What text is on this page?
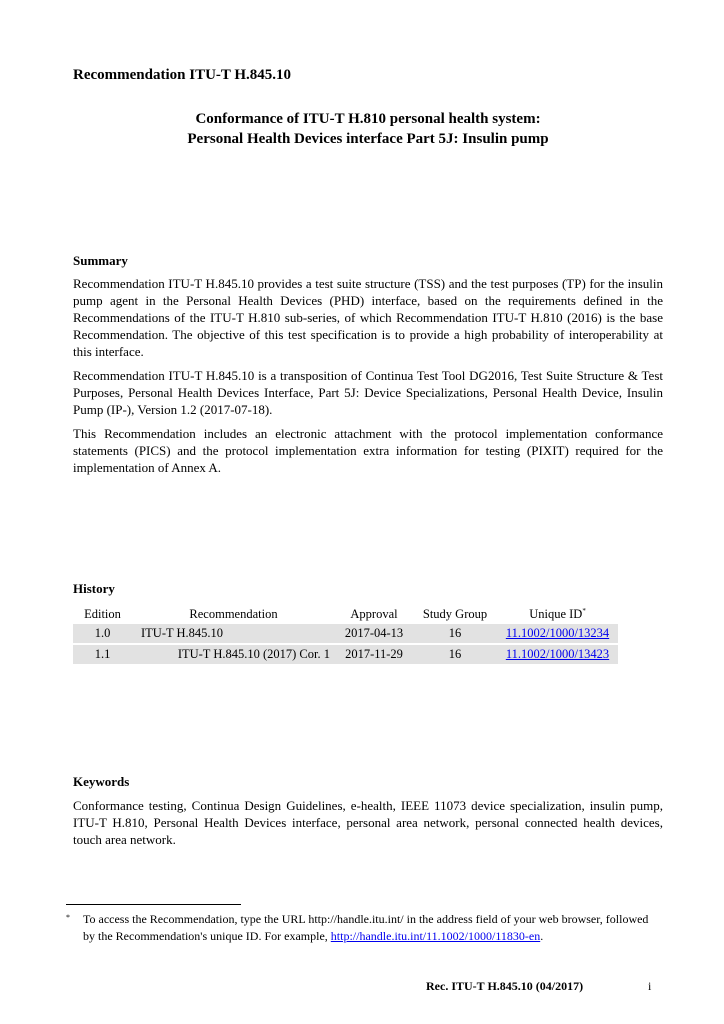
Recommendation ITU-T H.845.10
Conformance of ITU-T H.810 personal health system:
Personal Health Devices interface Part 5J: Insulin pump
Summary

Recommendation ITU-T H.845.10 provides a test suite structure (TSS) and the test purposes (TP) for the insulin pump agent in the Personal Health Devices (PHD) interface, based on the requirements defined in the Recommendations of the ITU-T H.810 sub-series, of which Recommendation ITU-T H.810 (2016) is the base Recommendation. The objective of this test specification is to provide a high probability of interoperability at this interface.

Recommendation ITU-T H.845.10 is a transposition of Continua Test Tool DG2016, Test Suite Structure & Test Purposes, Personal Health Devices Interface, Part 5J: Device Specializations, Personal Health Device, Insulin Pump (IP-), Version 1.2 (2017-07-18).

This Recommendation includes an electronic attachment with the protocol implementation conformance statements (PICS) and the protocol implementation extra information for testing (PIXIT) required for the implementation of Annex A.

History
Edition	Recommendation	Approval	Study Group	Unique ID*
1.0	ITU-T H.845.10	2017-04-13	16	11.1002/1000/13234
1.1	ITU-T H.845.10 (2017) Cor. 1	2017-11-29	16	11.1002/1000/13423
Keywords

Conformance testing, Continua Design Guidelines, e-health, IEEE 11073 device specialization, insulin pump, ITU-T H.810, Personal Health Devices interface, personal area network, personal connected health devices, touch area network.

* To access the Recommendation, type the URL http://handle.itu.int/ in the address field of your web browser, followed by the Recommendation's unique ID. For example, http://handle.itu.int/11.1002/1000/11830-en.
Rec. ITU-T H.845.10 (04/2017)	i
